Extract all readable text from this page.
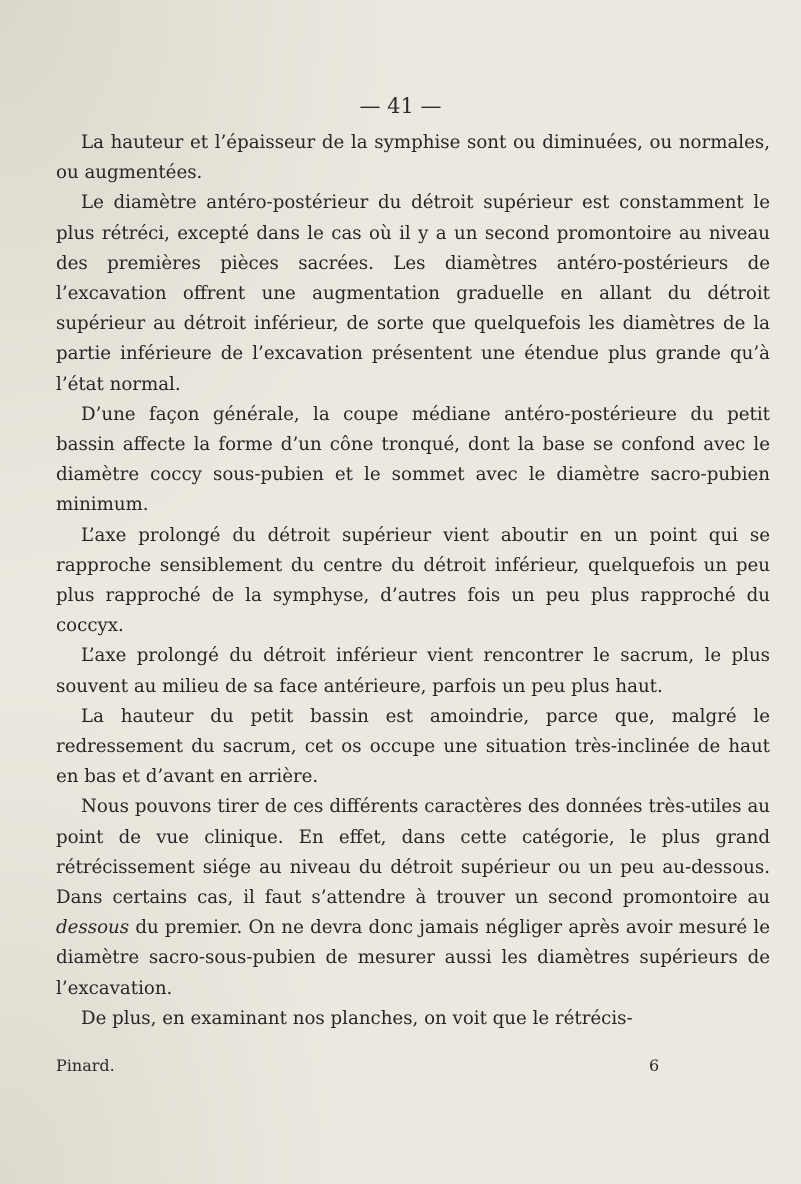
— 41 —

La hauteur et l’épaisseur de la symphise sont ou diminuées, ou normales, ou augmentées.

Le diamètre antéro-postérieur du détroit supérieur est constamment le plus rétréci, excepté dans le cas où il y a un second promontoire au niveau des premières pièces sacrées. Les diamètres antéro-postérieurs de l’excavation offrent une augmentation graduelle en allant du détroit supérieur au détroit inférieur, de sorte que quelquefois les diamètres de la partie inférieure de l’excavation présentent une étendue plus grande qu’à l’état normal.

D’une façon générale, la coupe médiane antéro-postérieure du petit bassin affecte la forme d’un cône tronqué, dont la base se confond avec le diamètre coccy sous-pubien et le sommet avec le diamètre sacro-pubien minimum.

L’axe prolongé du détroit supérieur vient aboutir en un point qui se rapproche sensiblement du centre du détroit inférieur, quelquefois un peu plus rapproché de la symphyse, d’autres fois un peu plus rapproché du coccyx.

L’axe prolongé du détroit inférieur vient rencontrer le sacrum, le plus souvent au milieu de sa face antérieure, parfois un peu plus haut.

La hauteur du petit bassin est amoindrie, parce que, malgré le redressement du sacrum, cet os occupe une situation très-inclinée de haut en bas et d’avant en arrière.

Nous pouvons tirer de ces différents caractères des données très-utiles au point de vue clinique. En effet, dans cette catégorie, le plus grand rétrécissement siége au niveau du détroit supérieur ou un peu au-dessous. Dans certains cas, il faut s’attendre à trouver un second promontoire au dessous du premier. On ne devra donc jamais négliger après avoir mesuré le diamètre sacro-sous-pubien de mesurer aussi les diamètres supérieurs de l’excavation.

De plus, en examinant nos planches, on voit que le rétrécis-

Pinard.	6
